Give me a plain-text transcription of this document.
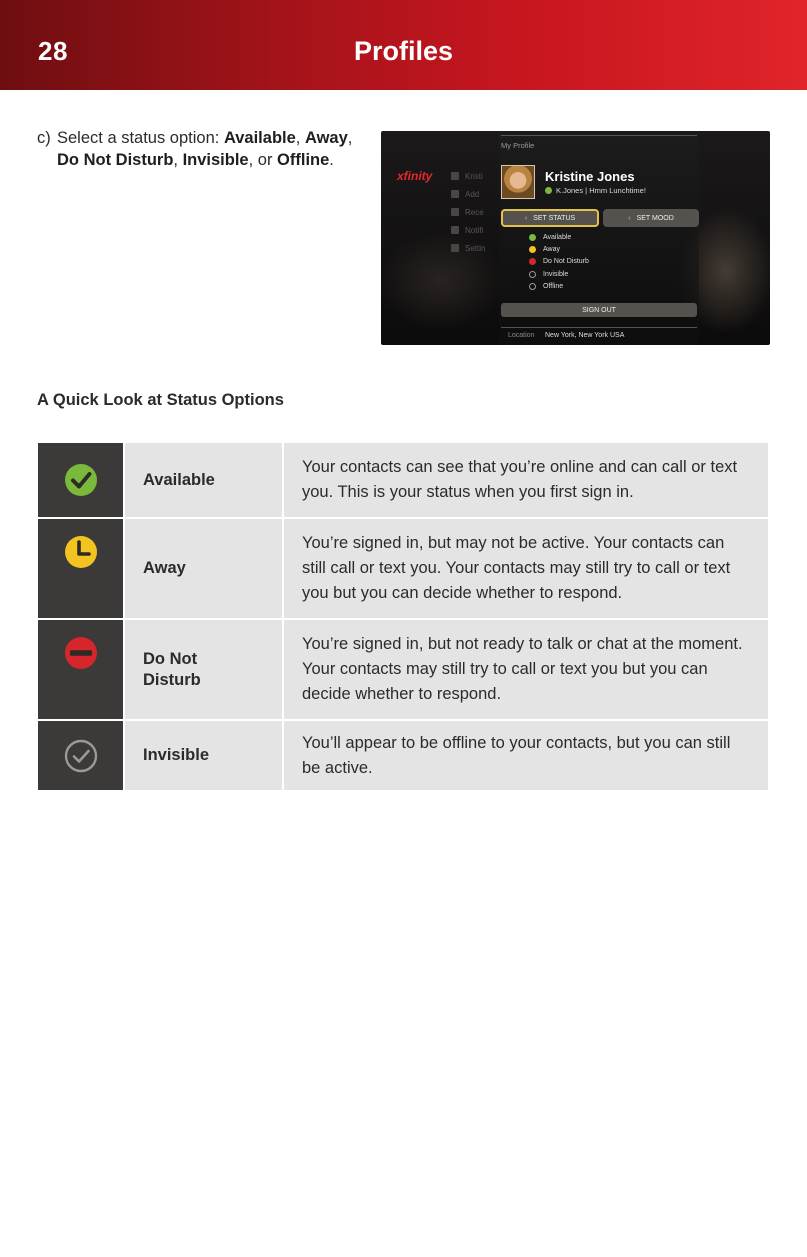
28	Profiles
c) Select a status option: Available, Away,
Do Not Disturb, Invisible, or Offline.
xfinity	Kristi
Add
Rece
Notifi
Settin
My Profile
Kristine Jones
K.Jones | Hmm Lunchtime!
‹ SET STATUS	‹ SET MOOD
Available
Away
Do Not Disturb
Invisible
Offline
SIGN OUT
Location New York, New York USA
A Quick Look at Status Options
	Available	Your contacts can see that you’re online and can call or text you. This is your status when you first sign in.

	Away	You’re signed in, but may not be active. Your contacts can still call or text you. Your contacts may still try to call or text you but you can decide whether to respond.

	Do Not Disturb	You’re signed in, but not ready to talk or chat at the moment. Your contacts may still try to call or text you but you can decide whether to respond.

	Invisible	You’ll appear to be offline to your contacts, but you can still be active.
